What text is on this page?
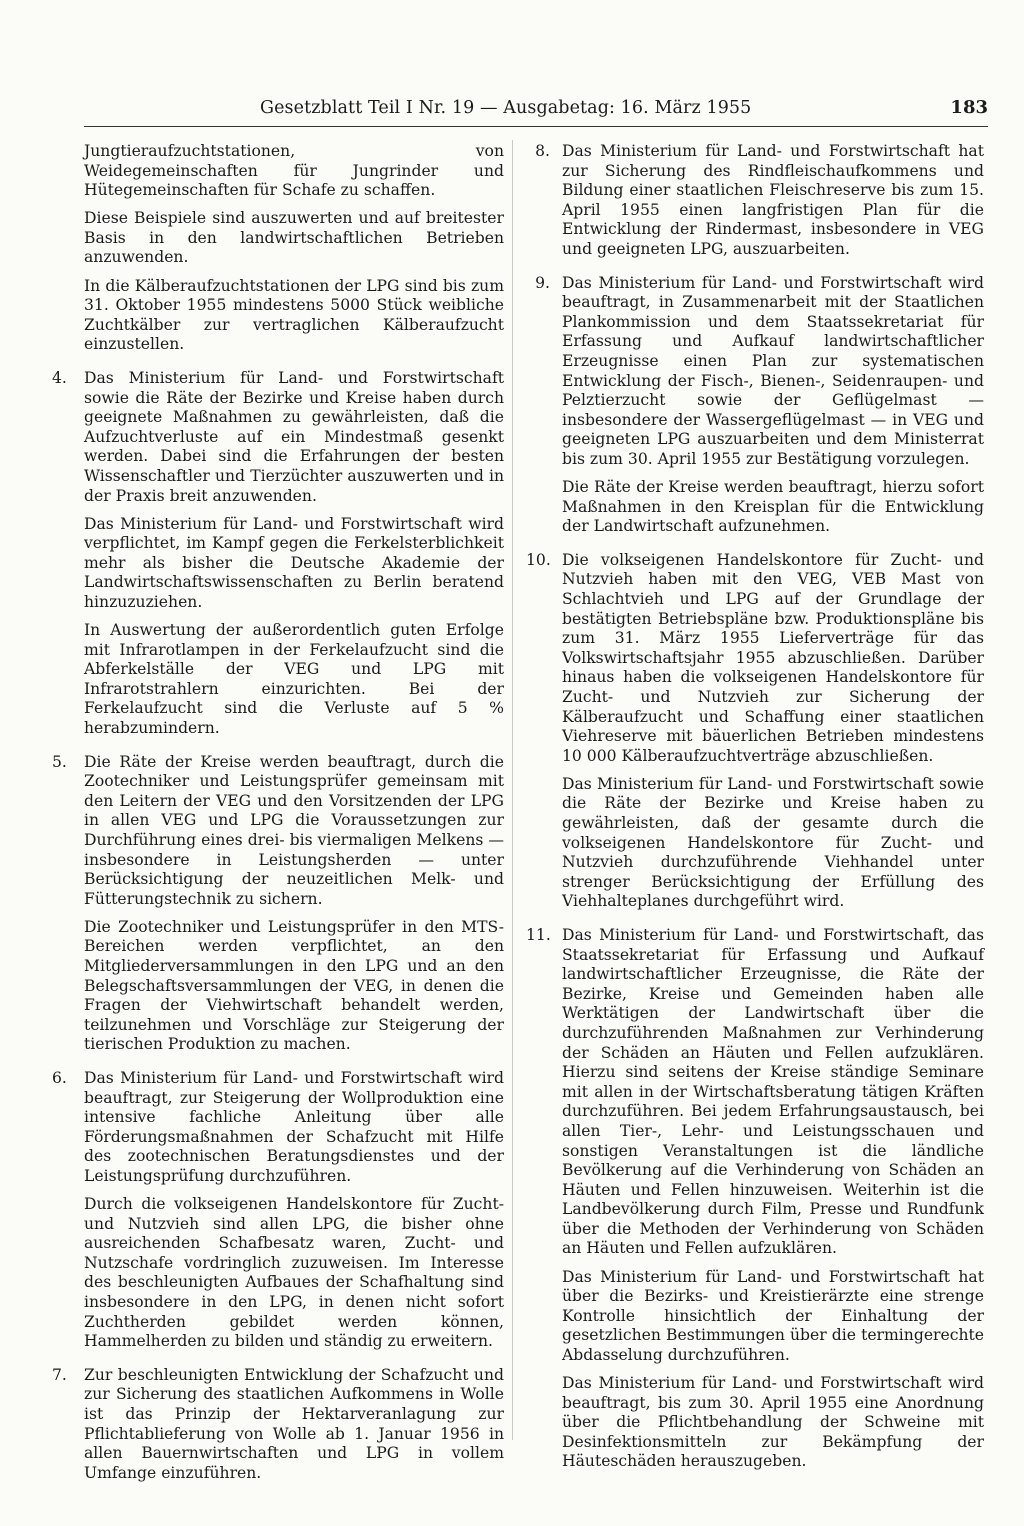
Gesetzblatt Teil I Nr. 19 — Ausgabetag: 16. März 1955	183

Jungtieraufzuchtstationen, von Weidegemeinschaften für Jungrinder und Hütegemeinschaften für Schafe zu schaffen.

Diese Beispiele sind auszuwerten und auf breitester Basis in den landwirtschaftlichen Betrieben anzuwenden.

In die Kälberaufzuchtstationen der LPG sind bis zum 31. Oktober 1955 mindestens 5000 Stück weibliche Zuchtkälber zur vertraglichen Kälberaufzucht einzustellen.

4. Das Ministerium für Land- und Forstwirtschaft sowie die Räte der Bezirke und Kreise haben durch geeignete Maßnahmen zu gewährleisten, daß die Aufzuchtverluste auf ein Mindestmaß gesenkt werden. Dabei sind die Erfahrungen der besten Wissenschaftler und Tierzüchter auszuwerten und in der Praxis breit anzuwenden.

Das Ministerium für Land- und Forstwirtschaft wird verpflichtet, im Kampf gegen die Ferkelsterblichkeit mehr als bisher die Deutsche Akademie der Landwirtschaftswissenschaften zu Berlin beratend hinzuzuziehen.

In Auswertung der außerordentlich guten Erfolge mit Infrarotlampen in der Ferkelaufzucht sind die Abferkelställe der VEG und LPG mit Infrarotstrahlern einzurichten. Bei der Ferkelaufzucht sind die Verluste auf 5 % herabzumindern.

5. Die Räte der Kreise werden beauftragt, durch die Zootechniker und Leistungsprüfer gemeinsam mit den Leitern der VEG und den Vorsitzenden der LPG in allen VEG und LPG die Voraussetzungen zur Durchführung eines drei- bis viermaligen Melkens — insbesondere in Leistungsherden — unter Berücksichtigung der neuzeitlichen Melk- und Fütterungstechnik zu sichern.

Die Zootechniker und Leistungsprüfer in den MTS-Bereichen werden verpflichtet, an den Mitgliederversammlungen in den LPG und an den Belegschaftsversammlungen der VEG, in denen die Fragen der Viehwirtschaft behandelt werden, teilzunehmen und Vorschläge zur Steigerung der tierischen Produktion zu machen.

6. Das Ministerium für Land- und Forstwirtschaft wird beauftragt, zur Steigerung der Wollproduktion eine intensive fachliche Anleitung über alle Förderungsmaßnahmen der Schafzucht mit Hilfe des zootechnischen Beratungsdienstes und der Leistungsprüfung durchzuführen.

Durch die volkseigenen Handelskontore für Zucht- und Nutzvieh sind allen LPG, die bisher ohne ausreichenden Schafbesatz waren, Zucht- und Nutzschafe vordringlich zuzuweisen. Im Interesse des beschleunigten Aufbaues der Schafhaltung sind insbesondere in den LPG, in denen nicht sofort Zuchtherden gebildet werden können, Hammelherden zu bilden und ständig zu erweitern.

7. Zur beschleunigten Entwicklung der Schafzucht und zur Sicherung des staatlichen Aufkommens in Wolle ist das Prinzip der Hektarveranlagung zur Pflichtablieferung von Wolle ab 1. Januar 1956 in allen Bauernwirtschaften und LPG in vollem Umfange einzuführen.

8. Das Ministerium für Land- und Forstwirtschaft hat zur Sicherung des Rindfleischaufkommens und Bildung einer staatlichen Fleischreserve bis zum 15. April 1955 einen langfristigen Plan für die Entwicklung der Rindermast, insbesondere in VEG und geeigneten LPG, auszuarbeiten.

9. Das Ministerium für Land- und Forstwirtschaft wird beauftragt, in Zusammenarbeit mit der Staatlichen Plankommission und dem Staatssekretariat für Erfassung und Aufkauf landwirtschaftlicher Erzeugnisse einen Plan zur systematischen Entwicklung der Fisch-, Bienen-, Seidenraupen- und Pelztierzucht sowie der Geflügelmast — insbesondere der Wassergeflügelmast — in VEG und geeigneten LPG auszuarbeiten und dem Ministerrat bis zum 30. April 1955 zur Bestätigung vorzulegen.

Die Räte der Kreise werden beauftragt, hierzu sofort Maßnahmen in den Kreisplan für die Entwicklung der Landwirtschaft aufzunehmen.

10. Die volkseigenen Handelskontore für Zucht- und Nutzvieh haben mit den VEG, VEB Mast von Schlachtvieh und LPG auf der Grundlage der bestätigten Betriebspläne bzw. Produktionspläne bis zum 31. März 1955 Lieferverträge für das Volkswirtschaftsjahr 1955 abzuschließen. Darüber hinaus haben die volkseigenen Handelskontore für Zucht- und Nutzvieh zur Sicherung der Kälberaufzucht und Schaffung einer staatlichen Viehreserve mit bäuerlichen Betrieben mindestens 10 000 Kälberaufzuchtverträge abzuschließen.

Das Ministerium für Land- und Forstwirtschaft sowie die Räte der Bezirke und Kreise haben zu gewährleisten, daß der gesamte durch die volkseigenen Handelskontore für Zucht- und Nutzvieh durchzuführende Viehhandel unter strenger Berücksichtigung der Erfüllung des Viehhalteplanes durchgeführt wird.

11. Das Ministerium für Land- und Forstwirtschaft, das Staatssekretariat für Erfassung und Aufkauf landwirtschaftlicher Erzeugnisse, die Räte der Bezirke, Kreise und Gemeinden haben alle Werktätigen der Landwirtschaft über die durchzuführenden Maßnahmen zur Verhinderung der Schäden an Häuten und Fellen aufzuklären. Hierzu sind seitens der Kreise ständige Seminare mit allen in der Wirtschaftsberatung tätigen Kräften durchzuführen. Bei jedem Erfahrungsaustausch, bei allen Tier-, Lehr- und Leistungsschauen und sonstigen Veranstaltungen ist die ländliche Bevölkerung auf die Verhinderung von Schäden an Häuten und Fellen hinzuweisen. Weiterhin ist die Landbevölkerung durch Film, Presse und Rundfunk über die Methoden der Verhinderung von Schäden an Häuten und Fellen aufzuklären.

Das Ministerium für Land- und Forstwirtschaft hat über die Bezirks- und Kreistierärzte eine strenge Kontrolle hinsichtlich der Einhaltung der gesetzlichen Bestimmungen über die termingerechte Abdasselung durchzuführen.

Das Ministerium für Land- und Forstwirtschaft wird beauftragt, bis zum 30. April 1955 eine Anordnung über die Pflichtbehandlung der Schweine mit Desinfektionsmitteln zur Bekämpfung der Häuteschäden herauszugeben.
